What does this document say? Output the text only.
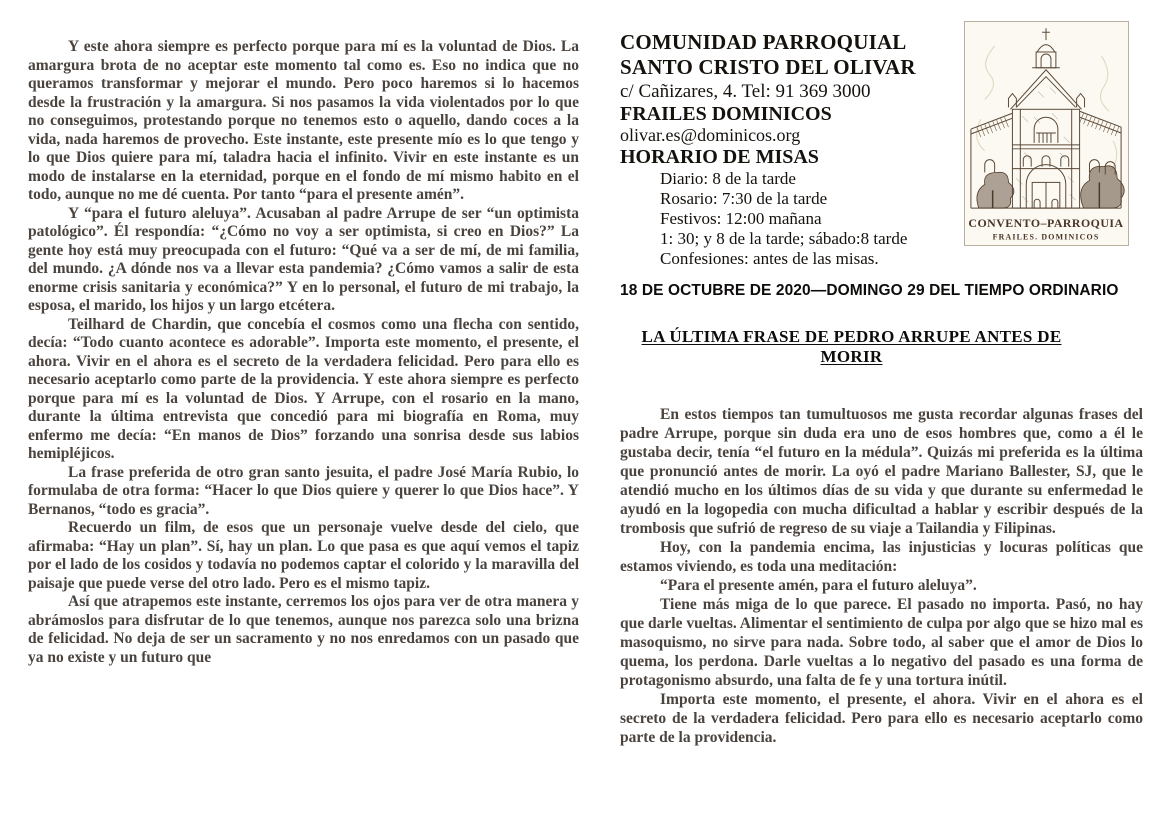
Y este ahora siempre es perfecto porque para mí es la voluntad de Dios. La amargura brota de no aceptar este momento tal como es. Eso no indica que no queramos transformar y mejorar el mundo. Pero poco haremos si lo hacemos desde la frustración y la amargura. Si nos pasamos la vida violentados por lo que no conseguimos, protestando porque no tenemos esto o aquello, dando coces a la vida, nada haremos de provecho. Este instante, este presente mío es lo que tengo y lo que Dios quiere para mí, taladra hacia el infinito. Vivir en este instante es un modo de instalarse en la eternidad, porque en el fondo de mí mismo habito en el todo, aunque no me dé cuenta. Por tanto “para el presente amén”.

Y “para el futuro aleluya”. Acusaban al padre Arrupe de ser “un optimista patológico”. Él respondía: “¿Cómo no voy a ser optimista, si creo en Dios?” La gente hoy está muy preocupada con el futuro: “Qué va a ser de mí, de mi familia, del mundo. ¿A dónde nos va a llevar esta pandemia? ¿Cómo vamos a salir de esta enorme crisis sanitaria y económica?” Y en lo personal, el futuro de mi trabajo, la esposa, el marido, los hijos y un largo etcétera.

Teilhard de Chardin, que concebía el cosmos como una flecha con sentido, decía: “Todo cuanto acontece es adorable”. Importa este momento, el presente, el ahora. Vivir en el ahora es el secreto de la verdadera felicidad. Pero para ello es necesario aceptarlo como parte de la providencia. Y este ahora siempre es perfecto porque para mí es la voluntad de Dios. Y Arrupe, con el rosario en la mano, durante la última entrevista que concedió para mi biografía en Roma, muy enfermo me decía: “En manos de Dios” forzando una sonrisa desde sus labios hemipléjicos.

La frase preferida de otro gran santo jesuita, el padre José María Rubio, lo formulaba de otra forma: “Hacer lo que Dios quiere y querer lo que Dios hace”. Y Bernanos, “todo es gracia”.

Recuerdo un film, de esos que un personaje vuelve desde del cielo, que afirmaba: “Hay un plan”. Sí, hay un plan. Lo que pasa es que aquí vemos el tapiz por el lado de los cosidos y todavía no podemos captar el colorido y la maravilla del paisaje que puede verse del otro lado. Pero es el mismo tapiz.

Así que atrapemos este instante, cerremos los ojos para ver de otra manera y abrámoslos para disfrutar de lo que tenemos, aunque nos parezca solo una brizna de felicidad. No deja de ser un sacramento y no nos enredamos con un pasado que ya no existe y un futuro que

COMUNIDAD PARROQUIAL
SANTO CRISTO DEL OLIVAR
c/ Cañizares, 4. Tel: 91 369 3000
FRAILES DOMINICOS
olivar.es@dominicos.org
HORARIO DE MISAS
Diario: 8 de la tarde
Rosario: 7:30 de la tarde
Festivos: 12:00 mañana
1: 30; y 8 de la tarde; sábado:8 tarde
Confesiones: antes de las misas.
18 DE OCTUBRE DE 2020—DOMINGO 29 DEL TIEMPO ORDINARIO
LA ÚLTIMA FRASE DE PEDRO ARRUPE ANTES DE MORIR

En estos tiempos tan tumultuosos me gusta recordar algunas frases del padre Arrupe, porque sin duda era uno de esos hombres que, como a él le gustaba decir, tenía “el futuro en la médula”. Quizás mi preferida es la última que pronunció antes de morir. La oyó el padre Mariano Ballester, SJ, que le atendió mucho en los últimos días de su vida y que durante su enfermedad le ayudó en la logopedia con mucha dificultad a hablar y escribir después de la trombosis que sufrió de regreso de su viaje a Tailandia y Filipinas.

Hoy, con la pandemia encima, las injusticias y locuras políticas que estamos viviendo, es toda una meditación:

“Para el presente amén, para el futuro aleluya”.

Tiene más miga de lo que parece. El pasado no importa. Pasó, no hay que darle vueltas. Alimentar el sentimiento de culpa por algo que se hizo mal es masoquismo, no sirve para nada. Sobre todo, al saber que el amor de Dios lo quema, los perdona. Darle vueltas a lo negativo del pasado es una forma de protagonismo absurdo, una falta de fe y una tortura inútil.

Importa este momento, el presente, el ahora. Vivir en el ahora es el secreto de la verdadera felicidad. Pero para ello es necesario aceptarlo como parte de la providencia.

CONVENTO–PARROQUIA
FRAILES. DOMINICOS
